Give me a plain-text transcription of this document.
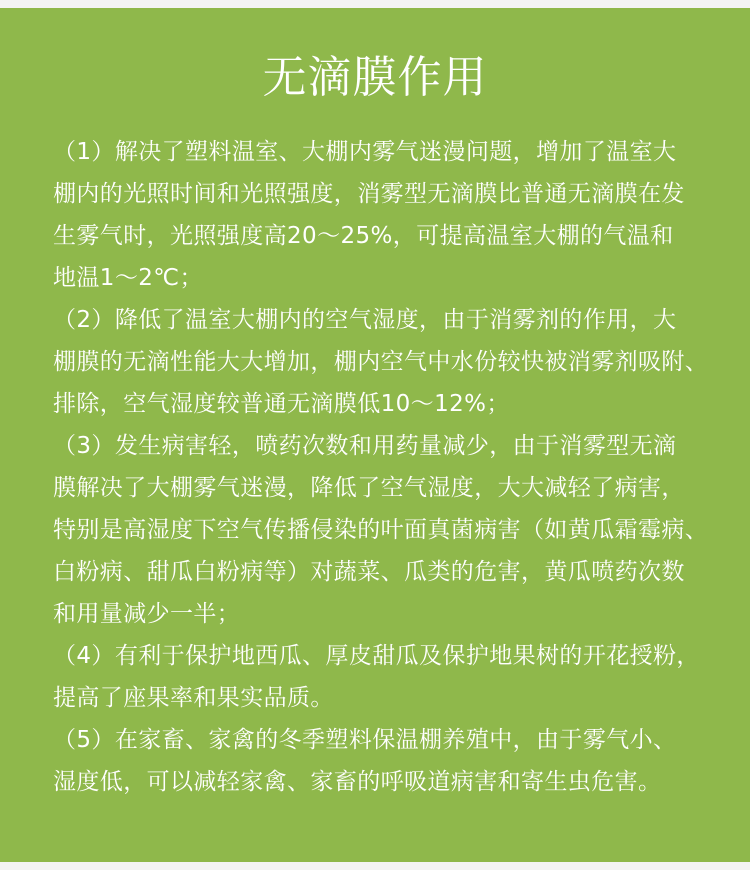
无滴膜作用
（1）解决了塑料温室、大棚内雾气迷漫问题，增加了温室大
棚内的光照时间和光照强度，消雾型无滴膜比普通无滴膜在发
生雾气时，光照强度高20～25%，可提高温室大棚的气温和
地温1～2℃；
（2）降低了温室大棚内的空气湿度，由于消雾剂的作用，大
棚膜的无滴性能大大增加，棚内空气中水份较快被消雾剂吸附、
排除，空气湿度较普通无滴膜低10～12%；
（3）发生病害轻，喷药次数和用药量减少，由于消雾型无滴
膜解决了大棚雾气迷漫，降低了空气湿度，大大减轻了病害，
特别是高湿度下空气传播侵染的叶面真菌病害（如黄瓜霜霉病、
白粉病、甜瓜白粉病等）对蔬菜、瓜类的危害，黄瓜喷药次数
和用量减少一半；
（4）有利于保护地西瓜、厚皮甜瓜及保护地果树的开花授粉，
提高了座果率和果实品质。
（5）在家畜、家禽的冬季塑料保温棚养殖中，由于雾气小、
湿度低，可以减轻家禽、家畜的呼吸道病害和寄生虫危害。
